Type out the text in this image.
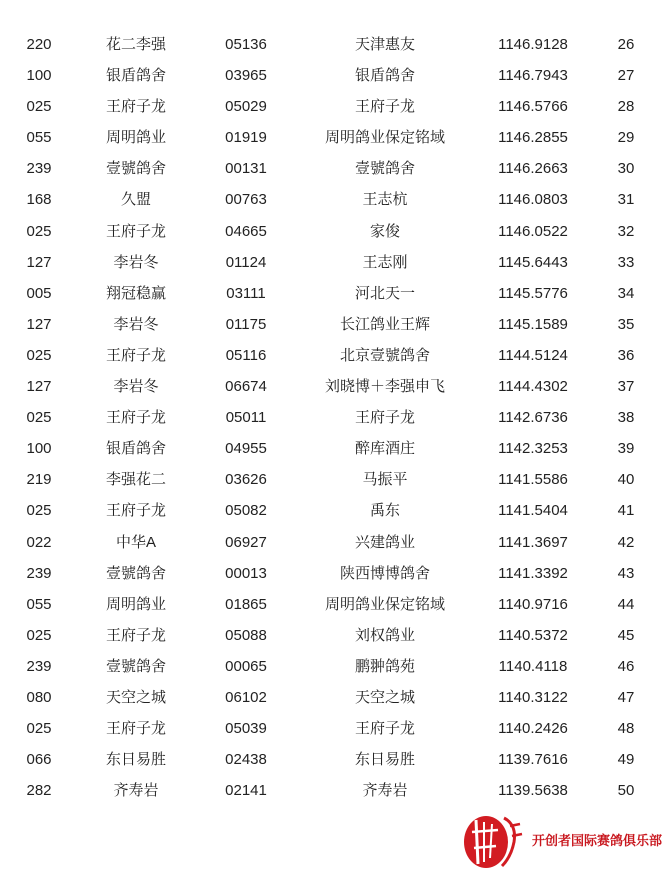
220	花二李强	05136	天津惠友	1146.9128	26
100	银盾鸽舍	03965	银盾鸽舍	1146.7943	27
025	王府子龙	05029	王府子龙	1146.5766	28
055	周明鸽业	01919	周明鸽业保定铭域	1146.2855	29
239	壹號鸽舍	00131	壹號鸽舍	1146.2663	30
168	久盟	00763	王志杭	1146.0803	31
025	王府子龙	04665	家俊	1146.0522	32
127	李岩冬	01124	王志刚	1145.6443	33
005	翔冠稳赢	03111	河北天一	1145.5776	34
127	李岩冬	01175	长江鸽业王辉	1145.1589	35
025	王府子龙	05116	北京壹號鸽舍	1144.5124	36
127	李岩冬	06674	刘晓博＋李强申飞	1144.4302	37
025	王府子龙	05011	王府子龙	1142.6736	38
100	银盾鸽舍	04955	醉库酒庄	1142.3253	39
219	李强花二	03626	马振平	1141.5586	40
025	王府子龙	05082	禹东	1141.5404	41
022	中华A	06927	兴建鸽业	1141.3697	42
239	壹號鸽舍	00013	陕西博博鸽舍	1141.3392	43
055	周明鸽业	01865	周明鸽业保定铭域	1140.9716	44
025	王府子龙	05088	刘权鸽业	1140.5372	45
239	壹號鸽舍	00065	鹏翀鸽苑	1140.4118	46
080	天空之城	06102	天空之城	1140.3122	47
025	王府子龙	05039	王府子龙	1140.2426	48
066	东日易胜	02438	东日易胜	1139.7616	49
282	齐寿岩	02141	齐寿岩	1139.5638	50
开创者国际赛鸽俱乐部
